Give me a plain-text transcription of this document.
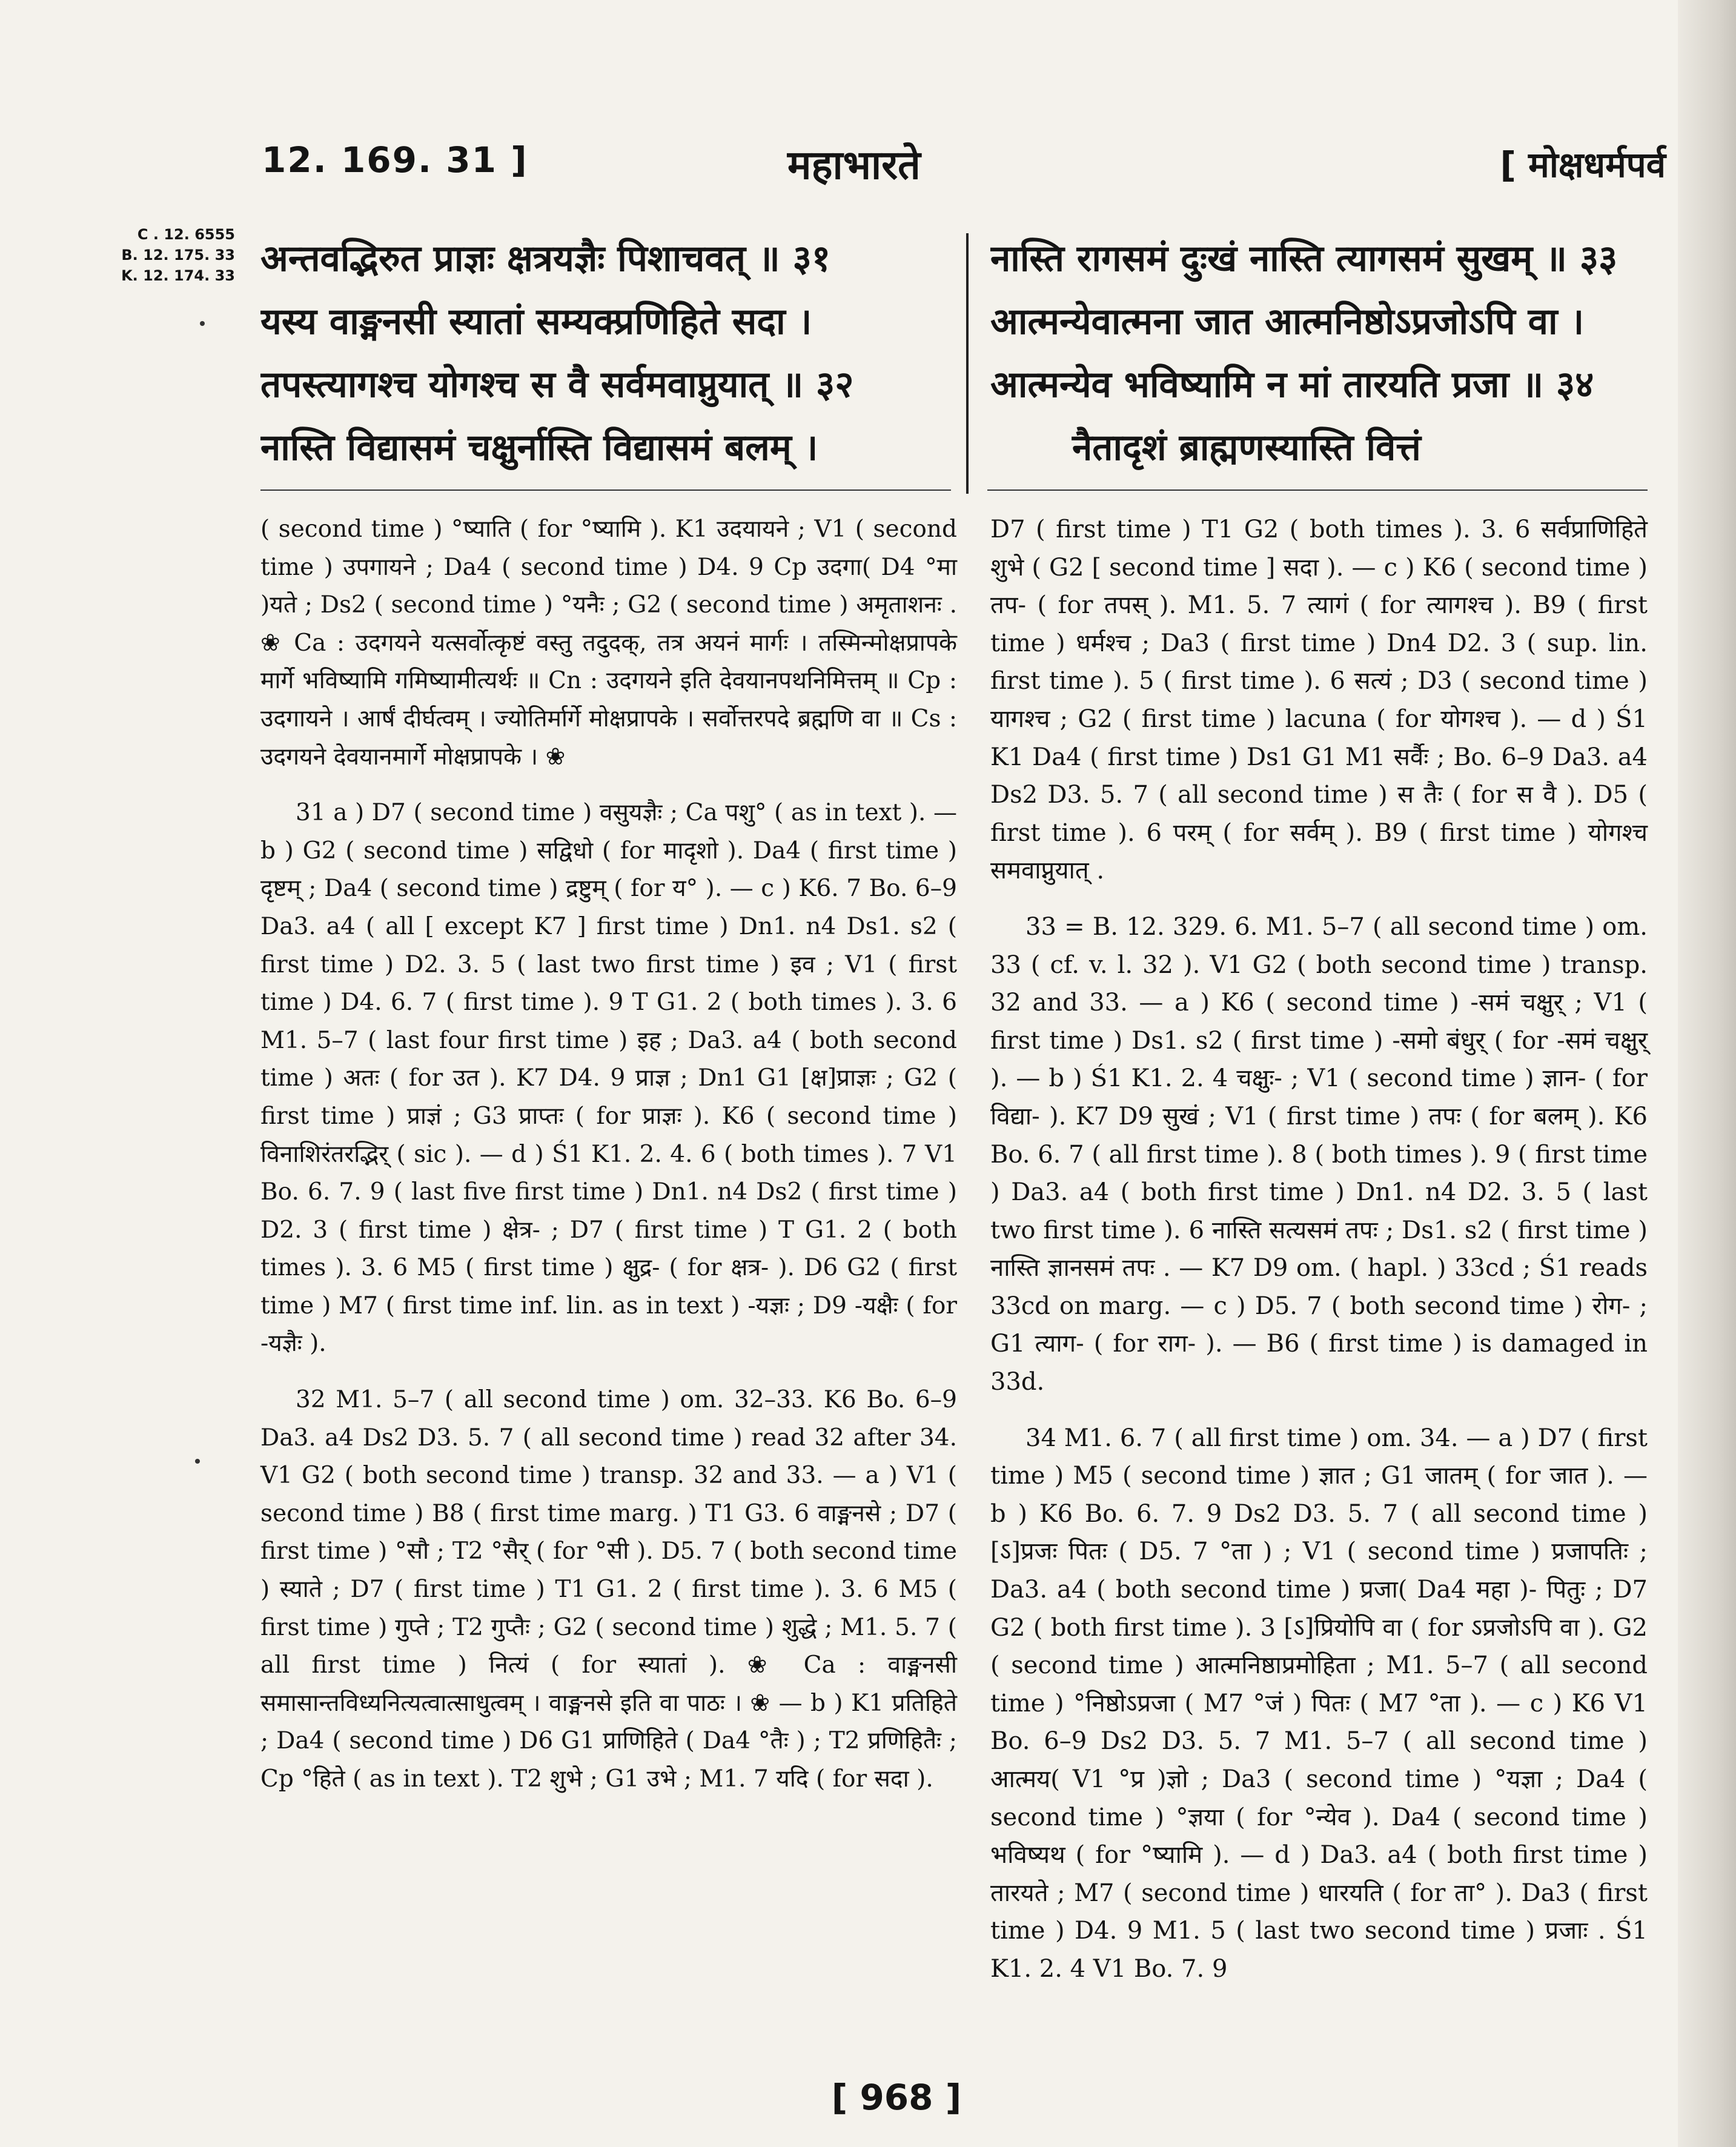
12. 169. 31 ]	महाभारते	[ मोक्षधर्मपर्व
C . 12. 6555
B. 12. 175. 33
K. 12. 174. 33 अन्तवद्भिरुत प्राज्ञः क्षत्रयज्ञैः पिशाचवत् ॥ ३१
यस्य वाङ्मनसी स्यातां सम्यक्प्रणिहिते सदा ।
तपस्त्यागश्च योगश्च स वै सर्वमवाप्नुयात् ॥ ३२
नास्ति विद्यासमं चक्षुर्नास्ति विद्यासमं बलम् ।
नास्ति रागसमं दुःखं नास्ति त्यागसमं सुखम् ॥ ३३
आत्मन्येवात्मना जात आत्मनिष्ठोऽप्रजोऽपि वा ।
आत्मन्येव भविष्यामि न मां तारयति प्रजा ॥ ३४
नैतादृशं ब्राह्मणस्यास्ति वित्तं

( second time ) °ष्याति ( for °ष्यामि ). K1 उदयायने ; V1 ( second time ) उपगायने ; Da4 ( second time ) D4. 9 Cp उदगा( D4 °मा )यते ; Ds2 ( second time ) °यनैः ; G2 ( second time ) अमृताशनः . ❀ Ca : उदगयने यत्सर्वोत्कृष्टं वस्तु तदुदक्, तत्र अयनं मार्गः । तस्मिन्मोक्षप्रापके मार्गे भविष्यामि गमिष्यामीत्यर्थः ॥ Cn : उदगयने इति देवयानपथनिमित्तम् ॥ Cp : उदगायने । आर्षं दीर्घत्वम् । ज्योतिर्मार्गे मोक्षप्रापके । सर्वोत्तरपदे ब्रह्मणि वा ॥ Cs : उदगयने देवयानमार्गे मोक्षप्रापके । ❀

31 a ) D7 ( second time ) वसुयज्ञैः ; Ca पशु° ( as in text ). — b ) G2 ( second time ) सद्विधो ( for मादृशो ). Da4 ( first time ) दृष्टम् ; Da4 ( second time ) द्रष्टुम् ( for य° ). — c ) K6. 7 Bo. 6–9 Da3. a4 ( all [ except K7 ] first time ) Dn1. n4 Ds1. s2 ( first time ) D2. 3. 5 ( last two first time ) इव ; V1 ( first time ) D4. 6. 7 ( first time ). 9 T G1. 2 ( both times ). 3. 6 M1. 5–7 ( last four first time ) इह ; Da3. a4 ( both second time ) अतः ( for उत ). K7 D4. 9 प्राज्ञ ; Dn1 G1 [क्ष]प्राज्ञः ; G2 ( first time ) प्राज्ञं ; G3 प्राप्तः ( for प्राज्ञः ). K6 ( second time ) विनाशिरंतरद्भिर् ( sic ). — d ) Ś1 K1. 2. 4. 6 ( both times ). 7 V1 Bo. 6. 7. 9 ( last five first time ) Dn1. n4 Ds2 ( first time ) D2. 3 ( first time ) क्षेत्र- ; D7 ( first time ) T G1. 2 ( both times ). 3. 6 M5 ( first time ) क्षुद्र- ( for क्षत्र- ). D6 G2 ( first time ) M7 ( first time inf. lin. as in text ) -यज्ञः ; D9 -यक्षैः ( for -यज्ञैः ).

32 M1. 5–7 ( all second time ) om. 32–33. K6 Bo. 6–9 Da3. a4 Ds2 D3. 5. 7 ( all second time ) read 32 after 34. V1 G2 ( both second time ) transp. 32 and 33. — a ) V1 ( second time ) B8 ( first time marg. ) T1 G3. 6 वाङ्मनसे ; D7 ( first time ) °सौ ; T2 °सैर् ( for °सी ). D5. 7 ( both second time ) स्याते ; D7 ( first time ) T1 G1. 2 ( first time ). 3. 6 M5 ( first time ) गुप्ते ; T2 गुप्तैः ; G2 ( second time ) शुद्धे ; M1. 5. 7 ( all first time ) नित्यं ( for स्यातां ). ❀ Ca : वाङ्मनसी समासान्तविध्यनित्यत्वात्साधुत्वम् । वाङ्मनसे इति वा पाठः । ❀ — b ) K1 प्रतिहिते ; Da4 ( second time ) D6 G1 प्राणिहिते ( Da4 °तैः ) ; T2 प्रणिहितैः ; Cp °हिते ( as in text ). T2 शुभे ; G1 उभे ; M1. 7 यदि ( for सदा ).

D7 ( first time ) T1 G2 ( both times ). 3. 6 सर्वप्राणिहिते शुभे ( G2 [ second time ] सदा ). — c ) K6 ( second time ) तप- ( for तपस् ). M1. 5. 7 त्यागं ( for त्यागश्च ). B9 ( first time ) धर्मश्च ; Da3 ( first time ) Dn4 D2. 3 ( sup. lin. first time ). 5 ( first time ). 6 सत्यं ; D3 ( second time ) यागश्च ; G2 ( first time ) lacuna ( for योगश्च ). — d ) Ś1 K1 Da4 ( first time ) Ds1 G1 M1 सर्वैः ; Bo. 6–9 Da3. a4 Ds2 D3. 5. 7 ( all second time ) स तैः ( for स वै ). D5 ( first time ). 6 परम् ( for सर्वम् ). B9 ( first time ) योगश्च समवाप्नुयात् .

33 = B. 12. 329. 6. M1. 5–7 ( all second time ) om. 33 ( cf. v. l. 32 ). V1 G2 ( both second time ) transp. 32 and 33. — a ) K6 ( second time ) -समं चक्षुर् ; V1 ( first time ) Ds1. s2 ( first time ) -समो बंधुर् ( for -समं चक्षुर् ). — b ) Ś1 K1. 2. 4 चक्षुः- ; V1 ( second time ) ज्ञान- ( for विद्या- ). K7 D9 सुखं ; V1 ( first time ) तपः ( for बलम् ). K6 Bo. 6. 7 ( all first time ). 8 ( both times ). 9 ( first time ) Da3. a4 ( both first time ) Dn1. n4 D2. 3. 5 ( last two first time ). 6 नास्ति सत्यसमं तपः ; Ds1. s2 ( first time ) नास्ति ज्ञानसमं तपः . — K7 D9 om. ( hapl. ) 33cd ; Ś1 reads 33cd on marg. — c ) D5. 7 ( both second time ) रोग- ; G1 त्याग- ( for राग- ). — B6 ( first time ) is damaged in 33d.

34 M1. 6. 7 ( all first time ) om. 34. — a ) D7 ( first time ) M5 ( second time ) ज्ञात ; G1 जातम् ( for जात ). — b ) K6 Bo. 6. 7. 9 Ds2 D3. 5. 7 ( all second time ) [ऽ]प्रजः पितः ( D5. 7 °ता ) ; V1 ( second time ) प्रजापतिः ; Da3. a4 ( both second time ) प्रजा( Da4 महा )- पितुः ; D7 G2 ( both first time ). 3 [ऽ]प्रियोपि वा ( for ऽप्रजोऽपि वा ). G2 ( second time ) आत्मनिष्ठाप्रमोहिता ; M1. 5–7 ( all second time ) °निष्ठोऽप्रजा ( M7 °जं ) पितः ( M7 °ता ). — c ) K6 V1 Bo. 6–9 Ds2 D3. 5. 7 M1. 5–7 ( all second time ) आत्मय( V1 °प्र )ज्ञो ; Da3 ( second time ) °यज्ञा ; Da4 ( second time ) °ज्ञया ( for °न्येव ). Da4 ( second time ) भविष्यथ ( for °ष्यामि ). — d ) Da3. a4 ( both first time ) तारयते ; M7 ( second time ) धारयति ( for ता° ). Da3 ( first time ) D4. 9 M1. 5 ( last two second time ) प्रजाः . Ś1 K1. 2. 4 V1 Bo. 7. 9

[ 968 ]
